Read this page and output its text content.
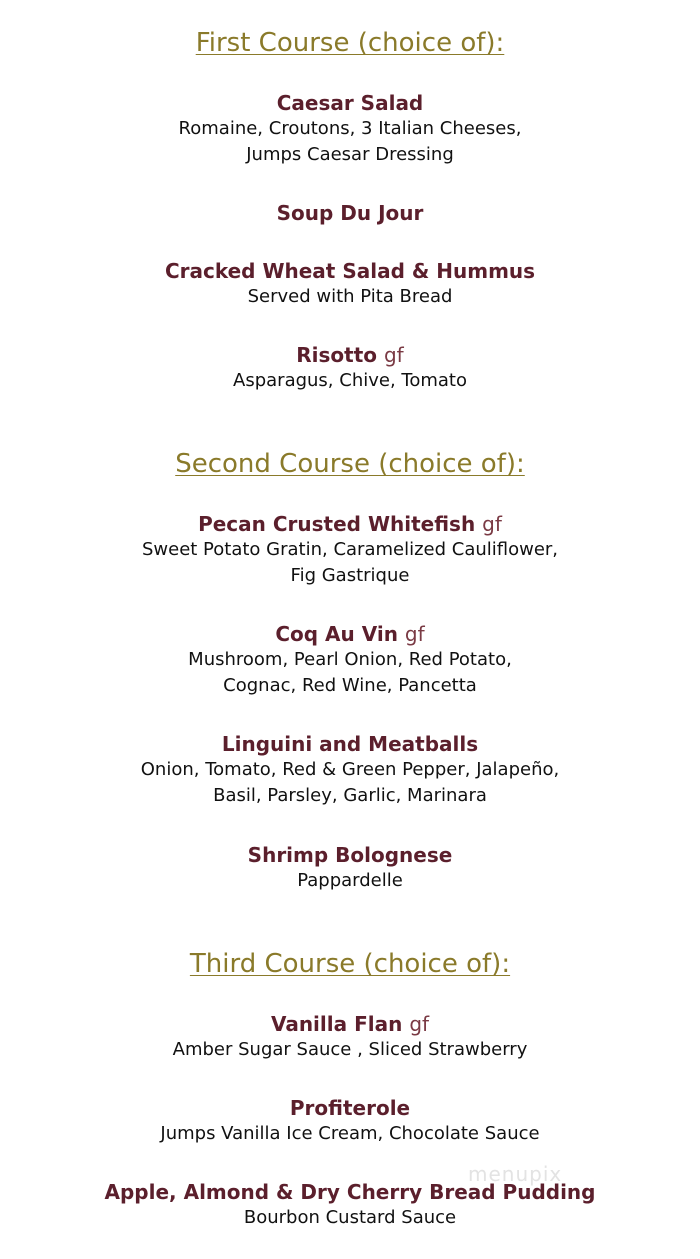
First Course (choice of):
Caesar Salad
Romaine, Croutons, 3 Italian Cheeses,
Jumps Caesar Dressing
Soup Du Jour
Cracked Wheat Salad & Hummus
Served with Pita Bread
Risotto gf
Asparagus, Chive, Tomato
Second Course (choice of):
Pecan Crusted Whitefish gf
Sweet Potato Gratin, Caramelized Cauliflower,
Fig Gastrique
Coq Au Vin gf
Mushroom, Pearl Onion, Red Potato,
Cognac, Red Wine, Pancetta
Linguini and Meatballs
Onion, Tomato, Red & Green Pepper, Jalapeño,
Basil, Parsley, Garlic, Marinara
Shrimp Bolognese
Pappardelle
Third Course (choice of):
Vanilla Flan gf
Amber Sugar Sauce , Sliced Strawberry
Profiterole
Jumps Vanilla Ice Cream, Chocolate Sauce
Apple, Almond & Dry Cherry Bread Pudding
Bourbon Custard Sauce
menupix
